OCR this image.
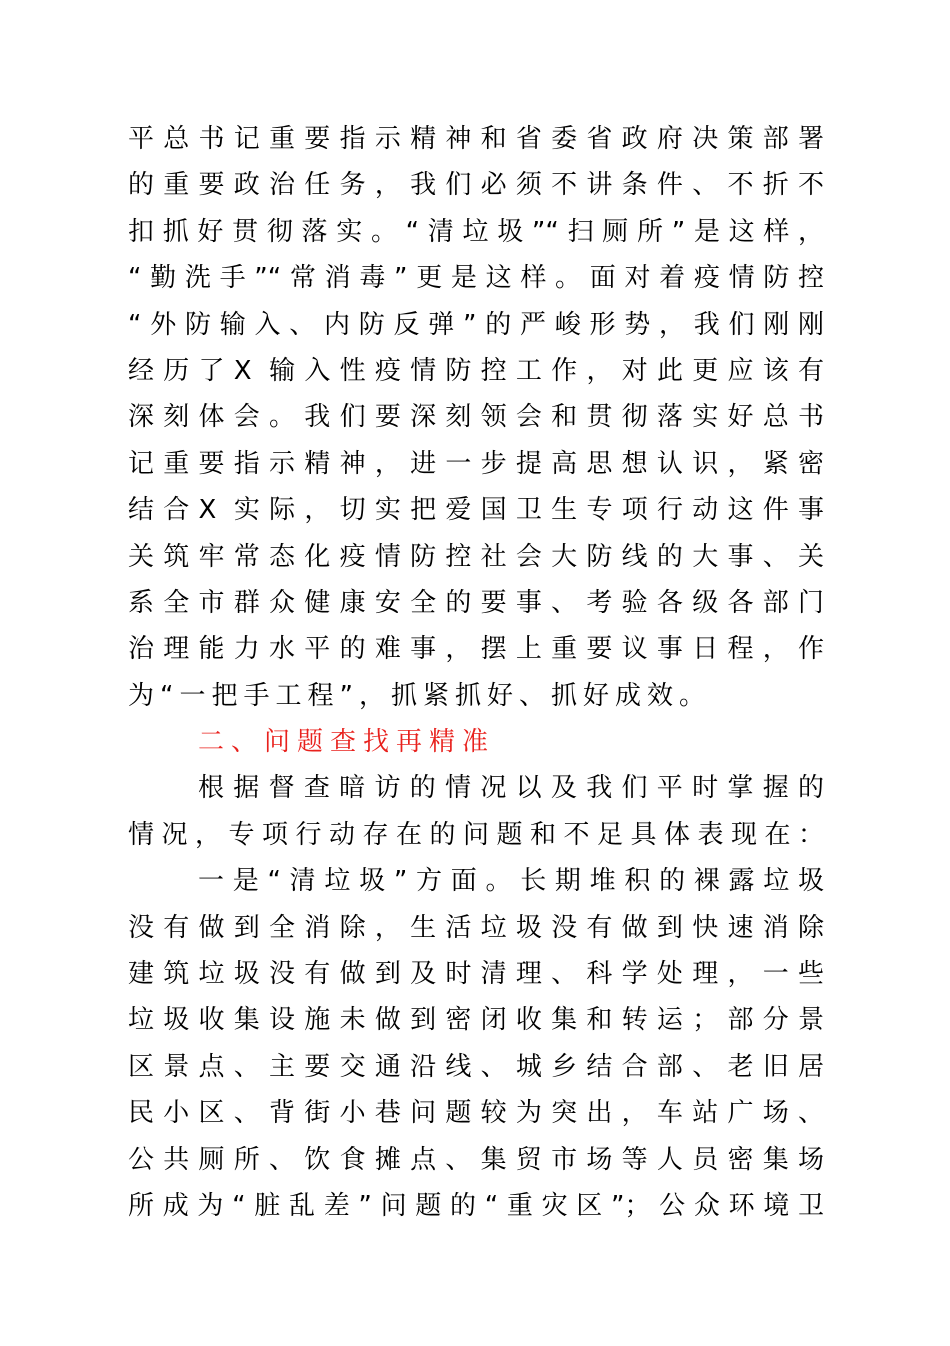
平总书记重要指示精神和省委省政府决策部署
的重要政治任务，我们必须不讲条件、不折不
扣抓好贯彻落实。“清垃圾”“扫厕所”是这样，
“勤洗手”“常消毒”更是这样。面对着疫情防控
“外防输入、内防反弹”的严峻形势，我们刚刚
经历了X 输入性疫情防控工作，对此更应该有
深刻体会。我们要深刻领会和贯彻落实好总书
记重要指示精神，进一步提高思想认识，紧密
结合X 实际，切实把爱国卫生专项行动这件事
关筑牢常态化疫情防控社会大防线的大事、关
系全市群众健康安全的要事、考验各级各部门
治理能力水平的难事，摆上重要议事日程，作
为“一把手工程”，抓紧抓好、抓好成效。
二、问题查找再精准
根据督查暗访的情况以及我们平时掌握的
情况，专项行动存在的问题和不足具体表现在：
一是“清垃圾”方面。长期堆积的裸露垃圾
没有做到全消除，生活垃圾没有做到快速消除
建筑垃圾没有做到及时清理、科学处理，一些
垃圾收集设施未做到密闭收集和转运；部分景
区景点、主要交通沿线、城乡结合部、老旧居
民小区、背街小巷问题较为突出，车站广场、
公共厕所、饮食摊点、集贸市场等人员密集场
所成为“脏乱差”问题的“重灾区”；公众环境卫
